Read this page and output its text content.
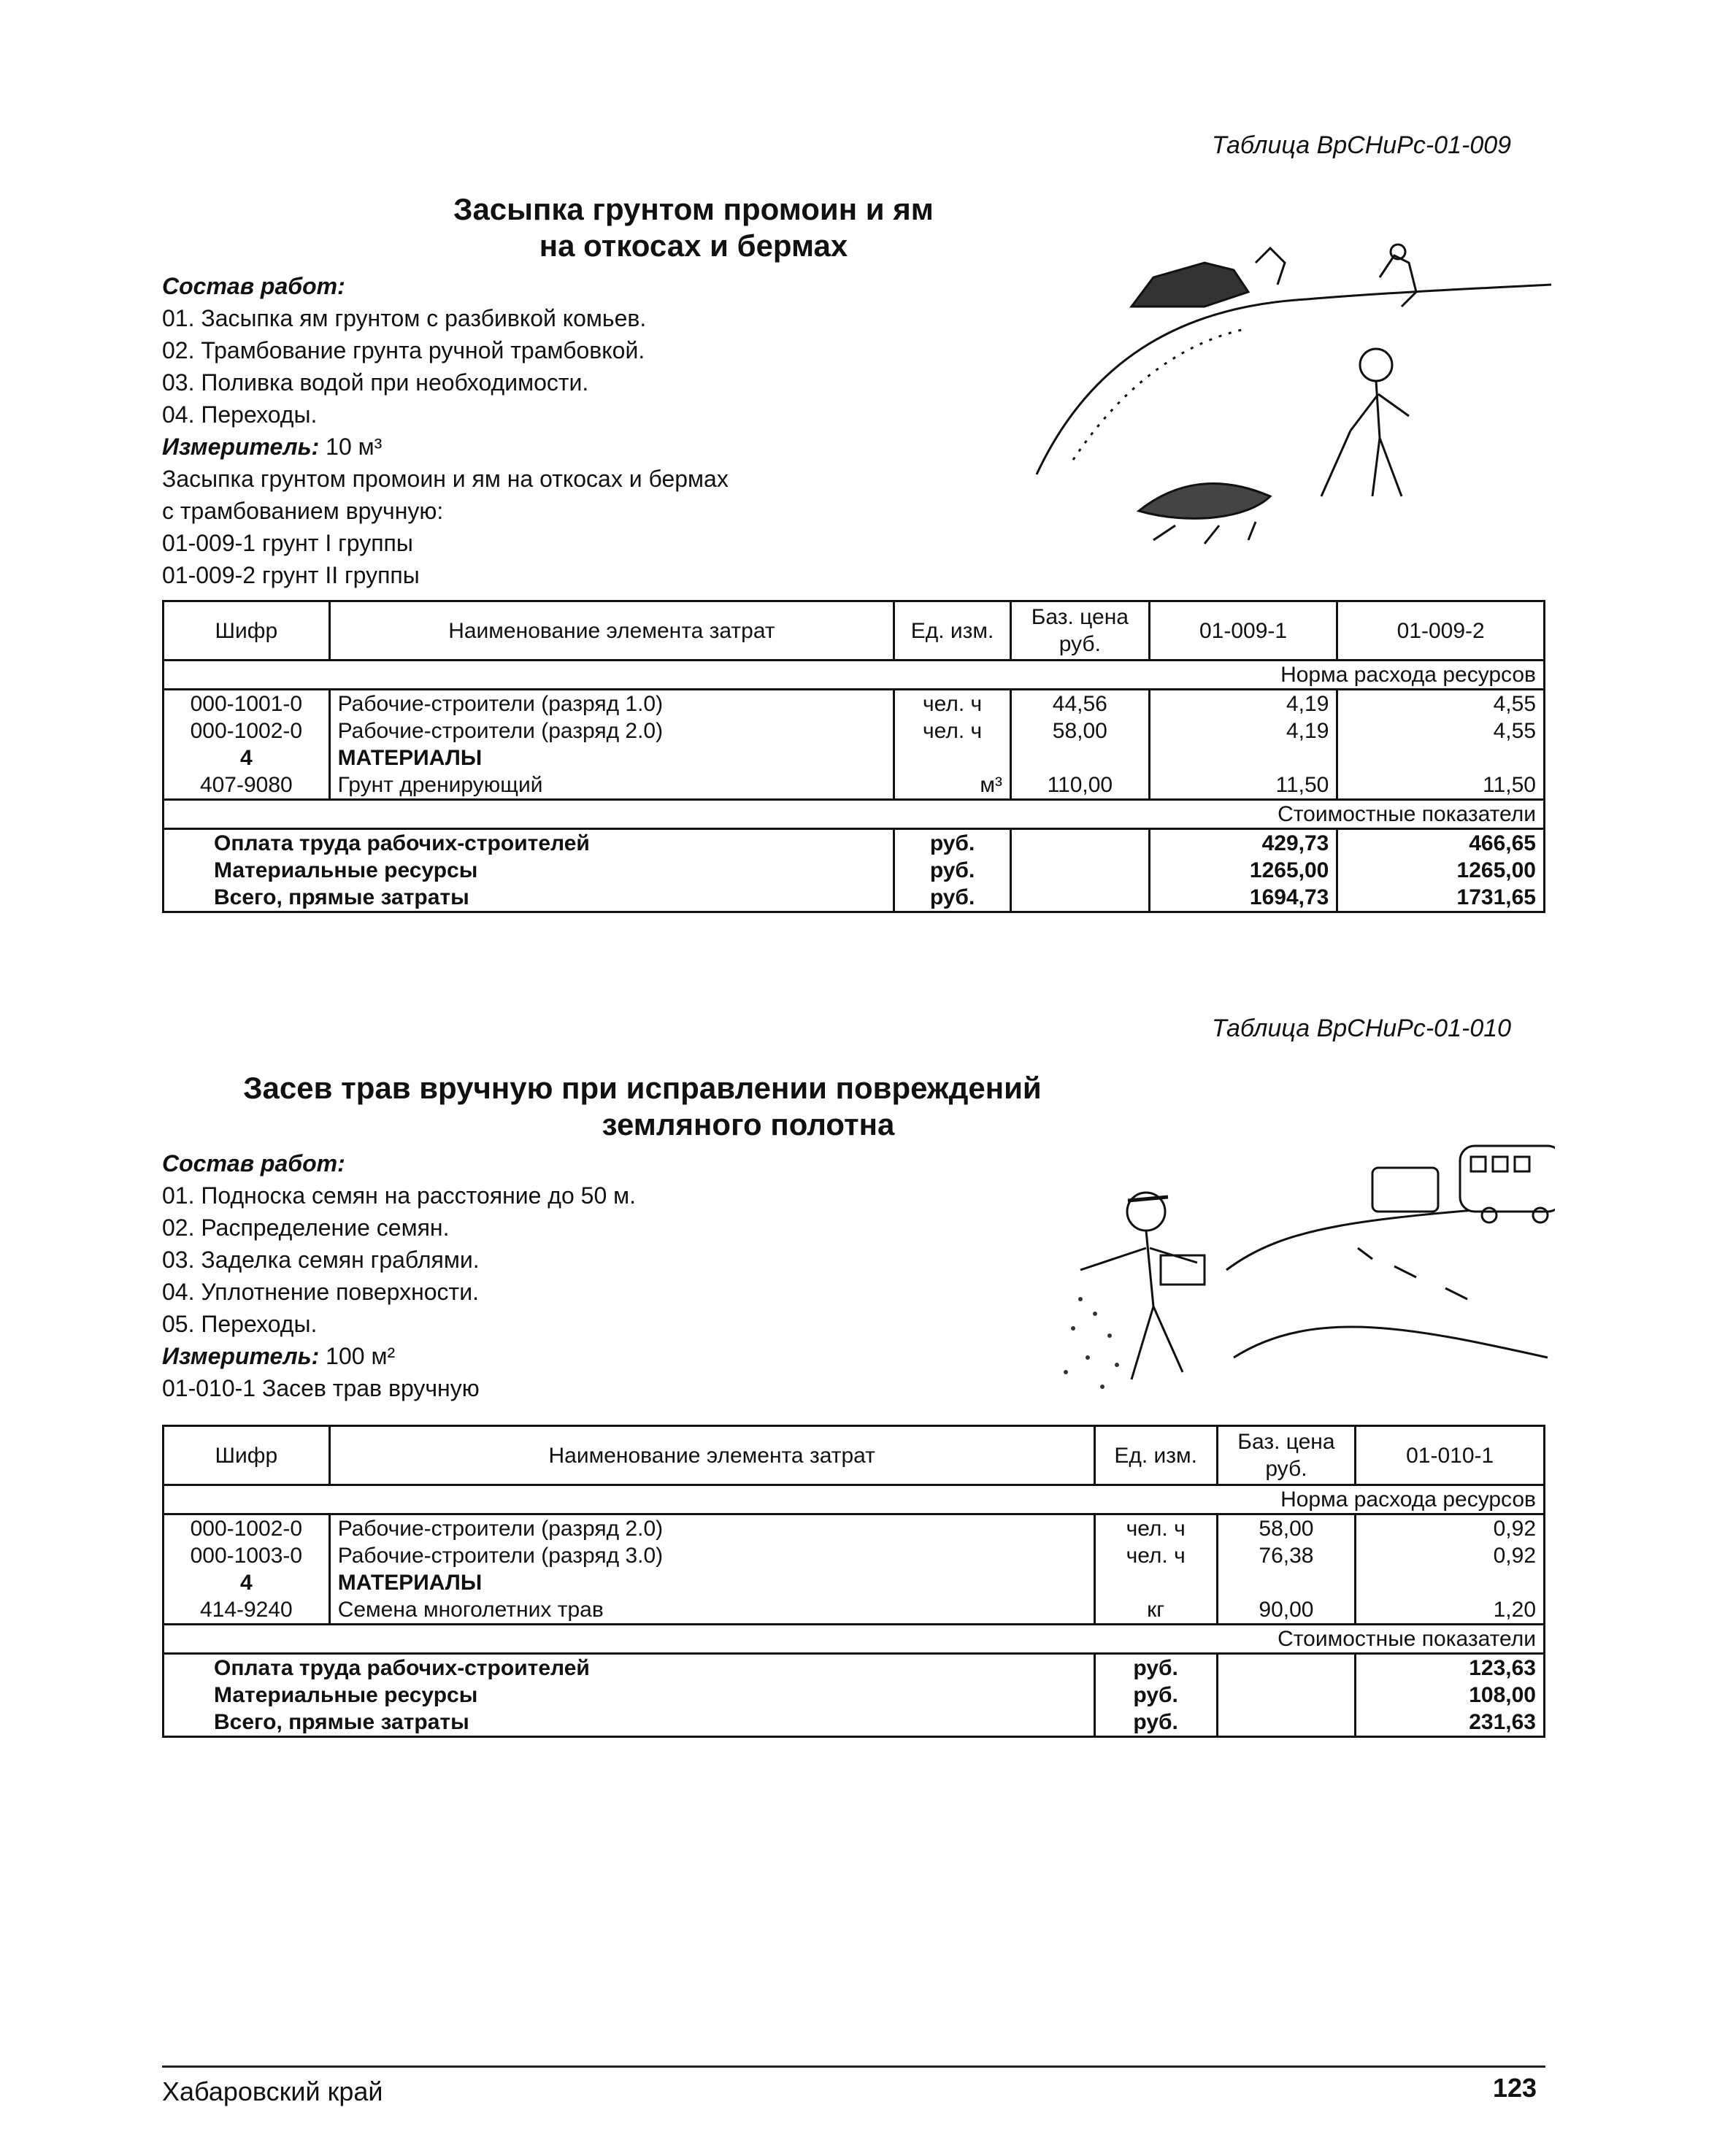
Таблица ВрСНиРс-01-009
Засыпка грунтом промоин и ям
на откосах и бермах
Состав работ:
01. Засыпка ям грунтом с разбивкой комьев.
02. Трамбование грунта ручной трамбовкой.
03. Поливка водой при необходимости.
04. Переходы.
Измеритель: 10 м³
Засыпка грунтом промоин и ям на откосах и бермах
с трамбованием вручную:
01-009-1 грунт I группы
01-009-2 грунт II группы
Шифр	Наименование элемента затрат	Ед. изм.	Баз. цена руб.	01-009-1	01-009-2
Норма расхода ресурсов					
000-1001-0	Рабочие-строители (разряд 1.0)	чел. ч	44,56	4,19	4,55
000-1002-0	Рабочие-строители (разряд 2.0)	чел. ч	58,00	4,19	4,55
4	МАТЕРИАЛЫ				
407-9080	Грунт дренирующий	м³	110,00	11,50	11,50
Стоимостные показатели					
Оплата труда рабочих-строителей		руб.		429,73	466,65
Материальные ресурсы		руб.		1265,00	1265,00
Всего, прямые затраты		руб.		1694,73	1731,65
Таблица ВрСНиРс-01-010
Засев трав вручную при исправлении повреждений
земляного полотна
Состав работ:
01. Подноска семян на расстояние до 50 м.
02. Распределение семян.
03. Заделка семян граблями.
04. Уплотнение поверхности.
05. Переходы.
Измеритель: 100 м²
01-010-1 Засев трав вручную
Шифр	Наименование элемента затрат	Ед. изм.	Баз. цена руб.	01-010-1
Норма расхода ресурсов				
000-1002-0	Рабочие-строители (разряд 2.0)	чел. ч	58,00	0,92
000-1003-0	Рабочие-строители (разряд 3.0)	чел. ч	76,38	0,92
4	МАТЕРИАЛЫ			
414-9240	Семена многолетних трав	кг	90,00	1,20
Стоимостные показатели				
Оплата труда рабочих-строителей		руб.		123,63
Материальные ресурсы		руб.		108,00
Всего, прямые затраты		руб.		231,63
Хабаровский край	123
